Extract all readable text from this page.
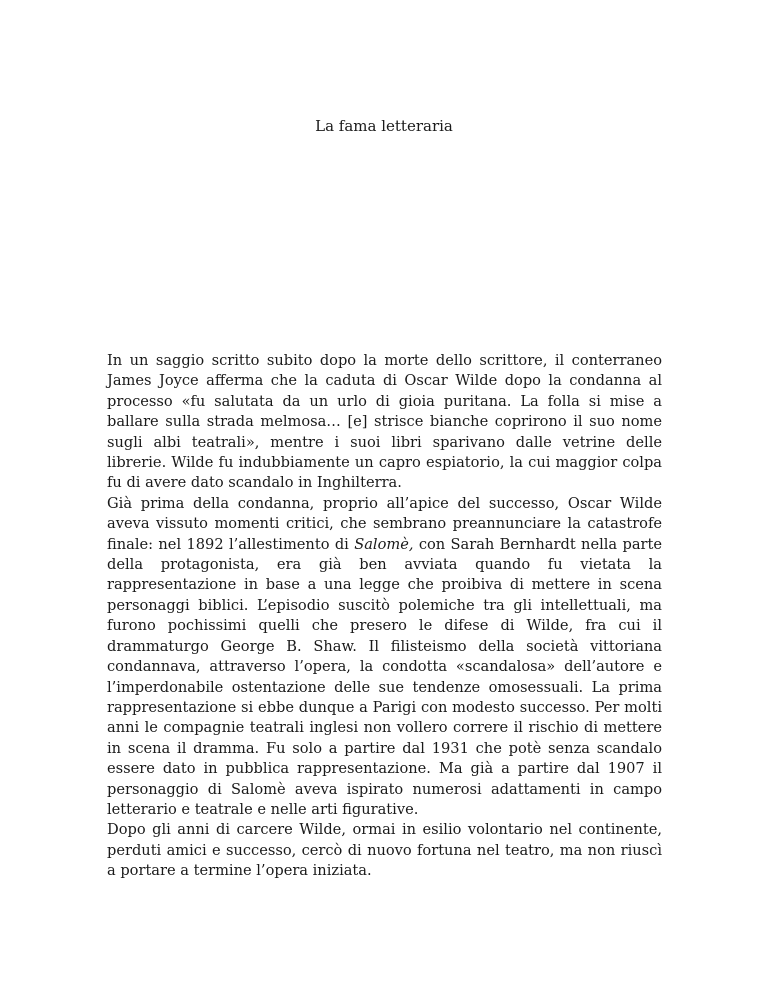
La fama letteraria

In un saggio scritto subito dopo la morte dello scrittore, il conterraneo James Joyce afferma che la caduta di Oscar Wilde dopo la condanna al processo «fu salutata da un urlo di gioia puritana. La folla si mise a ballare sulla strada melmosa… [e] strisce bianche coprirono il suo nome sugli albi teatrali», mentre i suoi libri sparivano dalle vetrine delle librerie. Wilde fu indubbiamente un capro espiatorio, la cui maggior colpa fu di avere dato scandalo in Inghilterra.

Già prima della condanna, proprio all’apice del successo, Oscar Wilde aveva vissuto momenti critici, che sembrano preannunciare la catastrofe finale: nel 1892 l’allestimento di Salomè, con Sarah Bernhardt nella parte della protagonista, era già ben avviata quando fu vietata la rappresentazione in base a una legge che proibiva di mettere in scena personaggi biblici. L’episodio suscitò polemiche tra gli intellettuali, ma furono pochissimi quelli che presero le difese di Wilde, fra cui il drammaturgo George B. Shaw. Il filisteismo della società vittoriana condannava, attraverso l’opera, la condotta «scandalosa» dell’autore e l’imperdonabile ostentazione delle sue tendenze omosessuali. La prima rappresentazione si ebbe dunque a Parigi con modesto successo. Per molti anni le compagnie teatrali inglesi non vollero correre il rischio di mettere in scena il dramma. Fu solo a partire dal 1931 che potè senza scandalo essere dato in pubblica rappresentazione. Ma già a partire dal 1907 il personaggio di Salomè aveva ispirato numerosi adattamenti in campo letterario e teatrale e nelle arti figurative.

Dopo gli anni di carcere Wilde, ormai in esilio volontario nel continente, perduti amici e successo, cercò di nuovo fortuna nel teatro, ma non riuscì a portare a termine l’opera iniziata.
